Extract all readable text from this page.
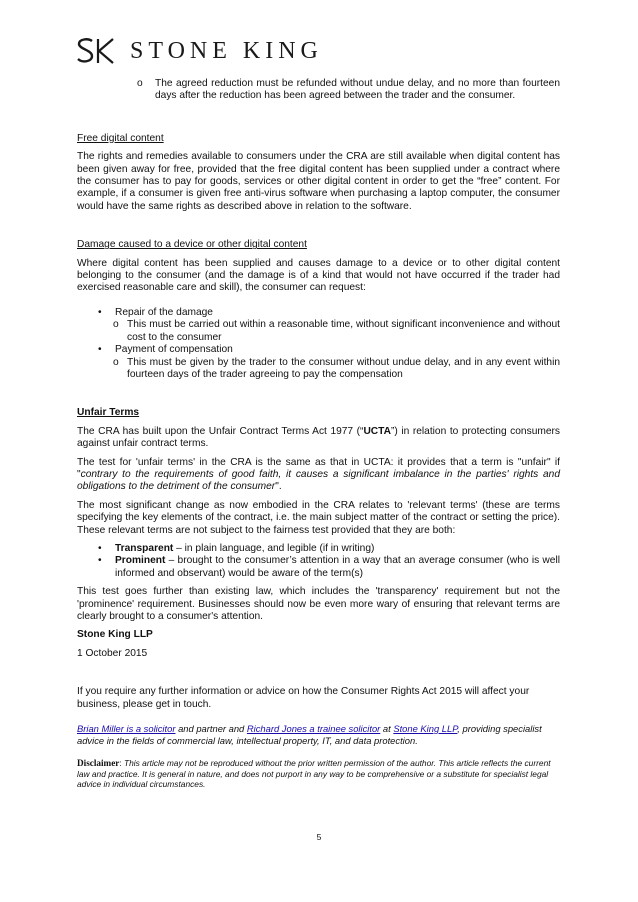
STONE KING
o The agreed reduction must be refunded without undue delay, and no more than fourteen days after the reduction has been agreed between the trader and the consumer.

Free digital content

The rights and remedies available to consumers under the CRA are still available when digital content has been given away for free, provided that the free digital content has been supplied under a contract where the consumer has to pay for goods, services or other digital content in order to get the “free” content. For example, if a consumer is given free anti-virus software when purchasing a laptop computer, the consumer would have the same rights as described above in relation to the software.

Damage caused to a device or other digital content

Where digital content has been supplied and causes damage to a device or to other digital content belonging to the consumer (and the damage is of a kind that would not have occurred if the trader had exercised reasonable care and skill), the consumer can request:

• Repair of the damage
o This must be carried out within a reasonable time, without significant inconvenience and without cost to the consumer
• Payment of compensation
o This must be given by the trader to the consumer without undue delay, and in any event within fourteen days of the trader agreeing to pay the compensation

Unfair Terms

The CRA has built upon the Unfair Contract Terms Act 1977 (“UCTA”) in relation to protecting consumers against unfair contract terms.

The test for 'unfair terms' in the CRA is the same as that in UCTA: it provides that a term is "unfair" if "contrary to the requirements of good faith, it causes a significant imbalance in the parties' rights and obligations to the detriment of the consumer".

The most significant change as now embodied in the CRA relates to 'relevant terms' (these are terms specifying the key elements of the contract, i.e. the main subject matter of the contract or setting the price). These relevant terms are not subject to the fairness test provided that they are both:

• Transparent – in plain language, and legible (if in writing)
• Prominent – brought to the consumer’s attention in a way that an average consumer (who is well informed and observant) would be aware of the term(s)

This test goes further than existing law, which includes the 'transparency' requirement but not the 'prominence' requirement. Businesses should now be even more wary of ensuring that relevant terms are clearly brought to a consumer's attention.

Stone King LLP

1 October 2015

If you require any further information or advice on how the Consumer Rights Act 2015 will affect your business, please get in touch.

Brian Miller is a solicitor and partner and Richard Jones a trainee solicitor at Stone King LLP, providing specialist advice in the fields of commercial law, intellectual property, IT, and data protection.

Disclaimer: This article may not be reproduced without the prior written permission of the author. This article reflects the current law and practice. It is general in nature, and does not purport in any way to be comprehensive or a substitute for specialist legal advice in individual circumstances.

5
